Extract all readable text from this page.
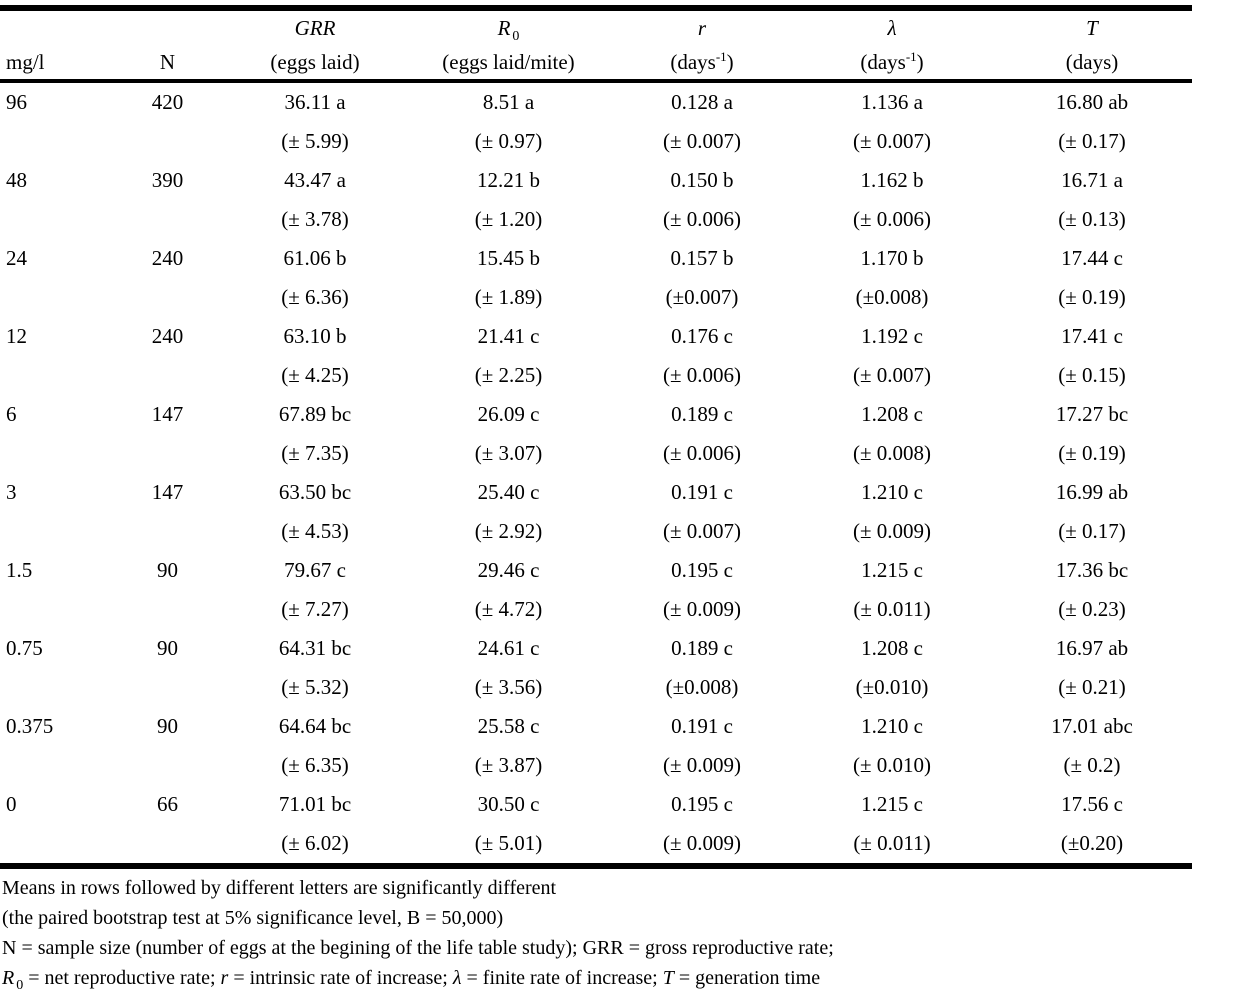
		GRR	R $_0$	r	λ	T
mg/l	N	(eggs laid)	(eggs laid/mite)	(days$^{-1}$)	(days$^{-1}$)	(days)
96	420	36.11 a	8.51 a	0.128 a	1.136 a	16.80 ab
		(± 5.99)	(± 0.97)	(± 0.007)	(± 0.007)	(± 0.17)
48	390	43.47 a	12.21 b	0.150 b	1.162 b	16.71 a
		(± 3.78)	(± 1.20)	(± 0.006)	(± 0.006)	(± 0.13)
24	240	61.06 b	15.45 b	0.157 b	1.170 b	17.44 c
		(± 6.36)	(± 1.89)	(±0.007)	(±0.008)	(± 0.19)
12	240	63.10 b	21.41 c	0.176 c	1.192 c	17.41 c
		(± 4.25)	(± 2.25)	(± 0.006)	(± 0.007)	(± 0.15)
6	147	67.89 bc	26.09 c	0.189 c	1.208 c	17.27 bc
		(± 7.35)	(± 3.07)	(± 0.006)	(± 0.008)	(± 0.19)
3	147	63.50 bc	25.40 c	0.191 c	1.210 c	16.99 ab
		(± 4.53)	(± 2.92)	(± 0.007)	(± 0.009)	(± 0.17)
1.5	90	79.67 c	29.46 c	0.195 c	1.215 c	17.36 bc
		(± 7.27)	(± 4.72)	(± 0.009)	(± 0.011)	(± 0.23)
0.75	90	64.31 bc	24.61 c	0.189 c	1.208 c	16.97 ab
		(± 5.32)	(± 3.56)	(±0.008)	(±0.010)	(± 0.21)
0.375	90	64.64 bc	25.58 c	0.191 c	1.210 c	17.01 abc
		(± 6.35)	(± 3.87)	(± 0.009)	(± 0.010)	(± 0.2)
0	66	71.01 bc	30.50 c	0.195 c	1.215 c	17.56 c
		(± 6.02)	(± 5.01)	(± 0.009)	(± 0.011)	(±0.20)
Means in rows followed by different letters are significantly different
(the paired bootstrap test at 5% significance level, B = 50,000)
N = sample size (number of eggs at the begining of the life table study); GRR = gross reproductive rate;
R $_0$ = net reproductive rate; r = intrinsic rate of increase; λ = finite rate of increase; T = generation time
